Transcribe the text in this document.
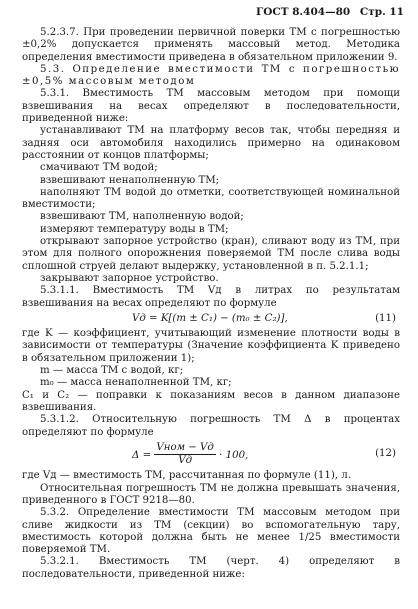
ГОСТ 8.404—80 Стр. 11

5.2.3.7. При проведении первичной поверки ТМ с погрешностью ±0,2% допускается применять массовый метод. Методика определения вместимости приведена в обязательном приложении 9.

5.3. Определение вместимости ТМ с погрешностью ±0,5% массовым методом

5.3.1. Вместимость ТМ массовым методом при помощи взвешивания на весах определяют в последовательности, приведенной ниже:

устанавливают ТМ на платформу весов так, чтобы передняя и задняя оси автомобиля находились примерно на одинаковом расстоянии от концов платформы;

смачивают ТМ водой;

взвешивают ненаполненную ТМ;

наполняют ТМ водой до отметки, соответствующей номинальной вместимости;

взвешивают ТМ, наполненную водой;

измеряют температуру воды в ТМ;

открывают запорное устройство (кран), сливают воду из ТМ, при этом для полного опорожнения поверяемой ТМ после слива воды сплошной струей делают выдержку, установленной в п. 5.2.1.1;

закрывают запорное устройство.

5.3.1.1. Вместимость ТМ Vд в литрах по результатам взвешивания на весах определяют по формуле

Vд = K[(m ± C₁) − (m₀ ± C₂)],	(11)

где K — коэффициент, учитывающий изменение плотности воды в зависимости от температуры (Значение коэффициента K приведено в обязательном приложении 1);

m — масса ТМ с водой, кг;

m₀ — масса ненаполненной ТМ, кг;

C₁ и C₂ — поправки к показаниям весов в данном диапазоне взвешивания.

5.3.1.2. Относительную погрешность ТМ Δ в процентах определяют по формуле

$\Delta = \frac{\text{Vном − Vд}}{Vд} \cdot 100$,	(12)

где Vд — вместимость ТМ, рассчитанная по формуле (11), л.

Относительная погрешность ТМ не должна превышать значения, приведенного в ГОСТ 9218—80.

5.3.2. Определение вместимости ТМ массовым методом при сливе жидкости из ТМ (секции) во вспомогательную тару, вместимость которой должна быть не менее 1/25 вместимости поверяемой ТМ.

5.3.2.1. Вместимость ТМ (черт. 4) определяют в последовательности, приведенной ниже:
